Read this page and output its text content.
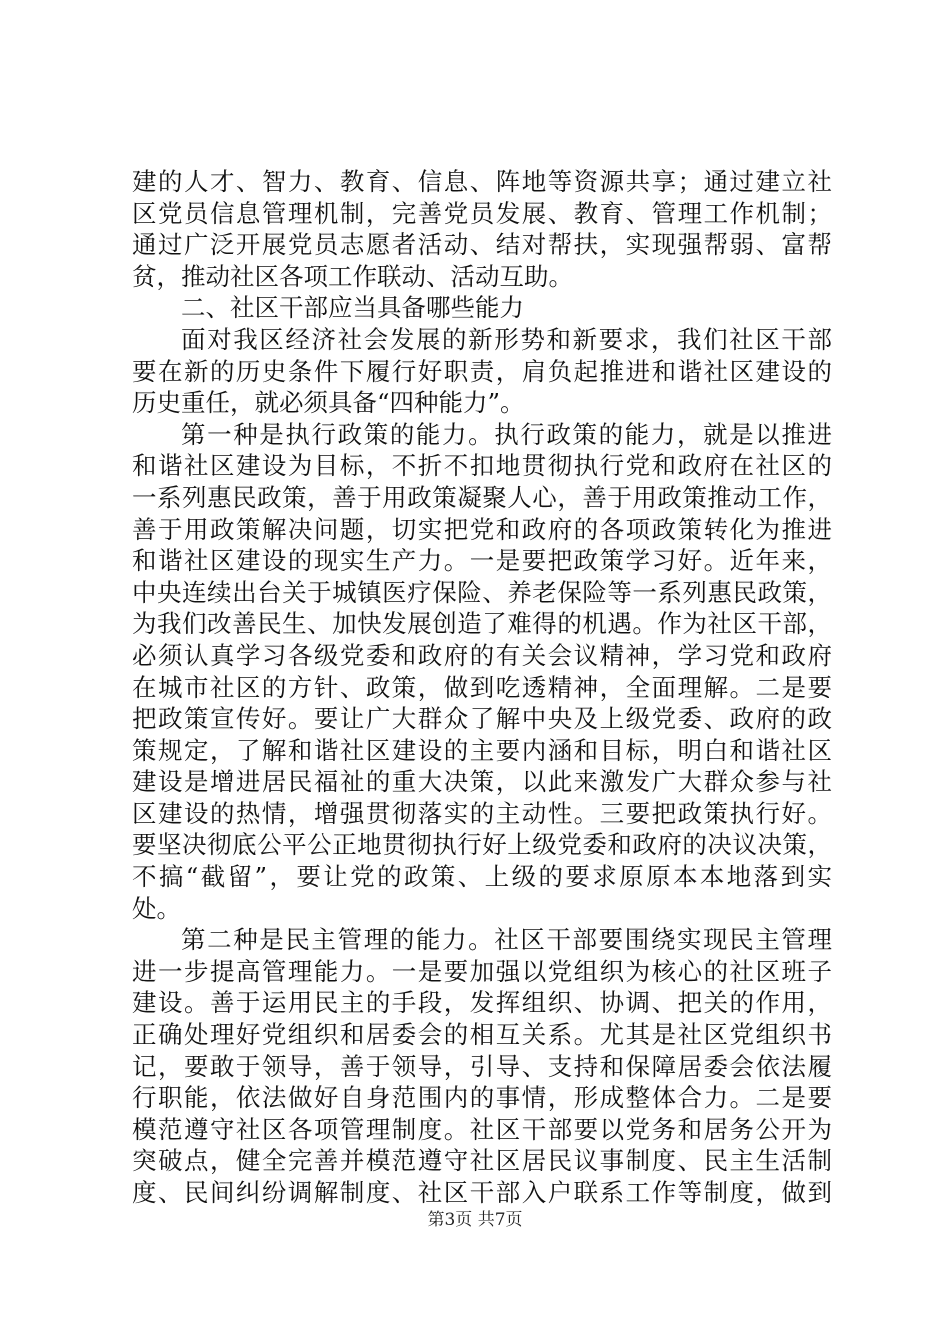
建的人才、智力、教育、信息、阵地等资源共享；通过建立社
区党员信息管理机制，完善党员发展、教育、管理工作机制；
通过广泛开展党员志愿者活动、结对帮扶，实现强帮弱、富帮
贫，推动社区各项工作联动、活动互助。
二、社区干部应当具备哪些能力
面对我区经济社会发展的新形势和新要求，我们社区干部
要在新的历史条件下履行好职责，肩负起推进和谐社区建设的
历史重任，就必须具备“四种能力”。
第一种是执行政策的能力。执行政策的能力，就是以推进
和谐社区建设为目标，不折不扣地贯彻执行党和政府在社区的
一系列惠民政策，善于用政策凝聚人心，善于用政策推动工作，
善于用政策解决问题，切实把党和政府的各项政策转化为推进
和谐社区建设的现实生产力。一是要把政策学习好。近年来，
中央连续出台关于城镇医疗保险、养老保险等一系列惠民政策，
为我们改善民生、加快发展创造了难得的机遇。作为社区干部，
必须认真学习各级党委和政府的有关会议精神，学习党和政府
在城市社区的方针、政策，做到吃透精神，全面理解。二是要
把政策宣传好。要让广大群众了解中央及上级党委、政府的政
策规定，了解和谐社区建设的主要内涵和目标，明白和谐社区
建设是增进居民福祉的重大决策，以此来激发广大群众参与社
区建设的热情，增强贯彻落实的主动性。三要把政策执行好。
要坚决彻底公平公正地贯彻执行好上级党委和政府的决议决策，
不搞“截留”，要让党的政策、上级的要求原原本本地落到实
处。
第二种是民主管理的能力。社区干部要围绕实现民主管理
进一步提高管理能力。一是要加强以党组织为核心的社区班子
建设。善于运用民主的手段，发挥组织、协调、把关的作用，
正确处理好党组织和居委会的相互关系。尤其是社区党组织书
记，要敢于领导，善于领导，引导、支持和保障居委会依法履
行职能，依法做好自身范围内的事情，形成整体合力。二是要
模范遵守社区各项管理制度。社区干部要以党务和居务公开为
突破点，健全完善并模范遵守社区居民议事制度、民主生活制
度、民间纠纷调解制度、社区干部入户联系工作等制度，做到
第3页 共7页
